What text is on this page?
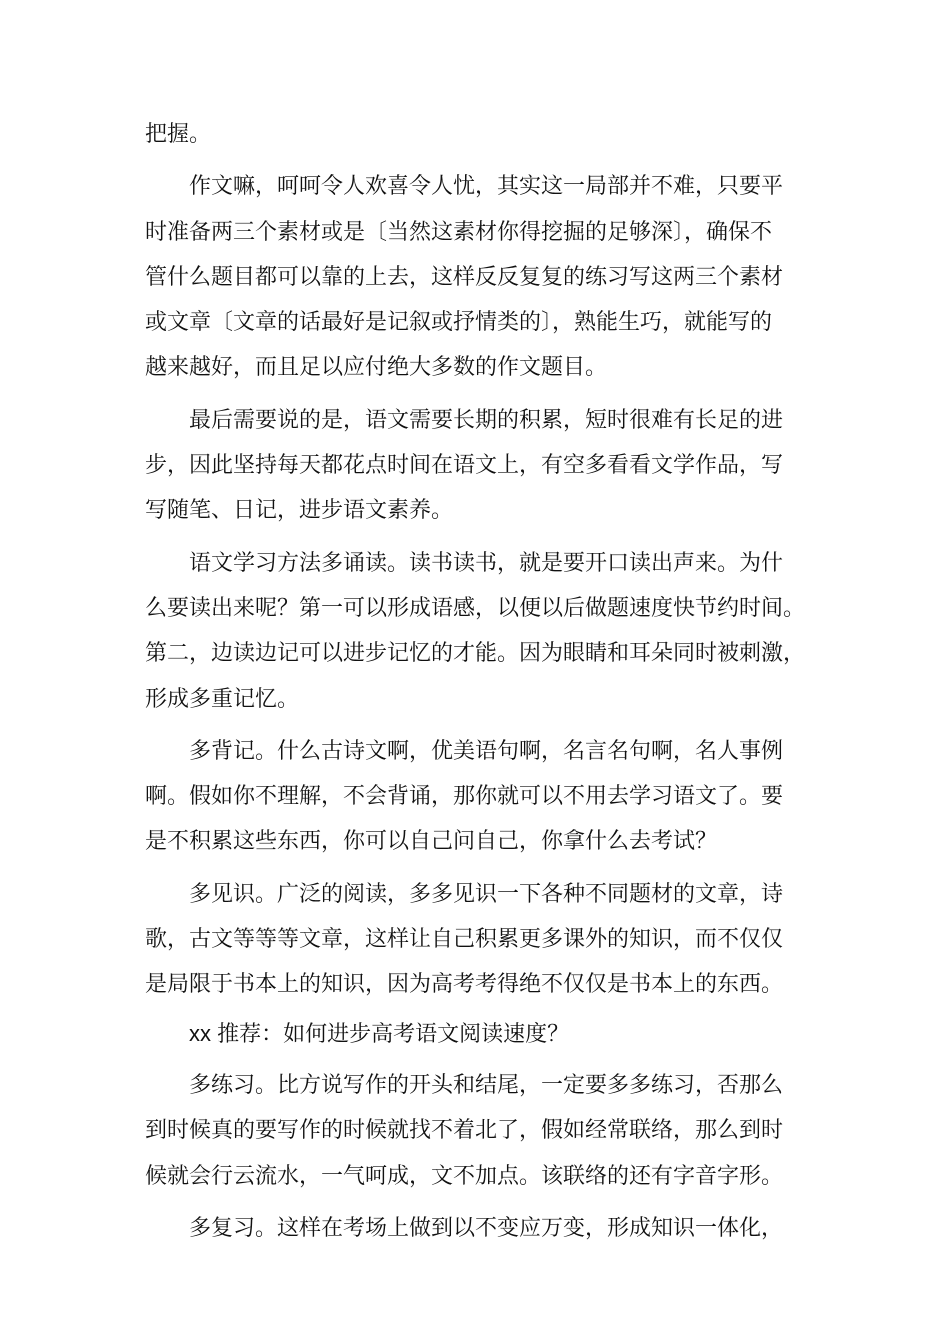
把握。

作文嘛，呵呵令人欢喜令人忧，其实这一局部并不难，只要平
时准备两三个素材或是〔当然这素材你得挖掘的足够深〕，确保不
管什么题目都可以靠的上去，这样反反复复的练习写这两三个素材
或文章〔文章的话最好是记叙或抒情类的〕，熟能生巧，就能写的
越来越好，而且足以应付绝大多数的作文题目。

最后需要说的是，语文需要长期的积累，短时很难有长足的进
步，因此坚持每天都花点时间在语文上，有空多看看文学作品，写
写随笔、日记，进步语文素养。

语文学习方法多诵读。读书读书，就是要开口读出声来。为什
么要读出来呢？第一可以形成语感，以便以后做题速度快节约时间。
第二，边读边记可以进步记忆的才能。因为眼睛和耳朵同时被刺激，
形成多重记忆。

多背记。什么古诗文啊，优美语句啊，名言名句啊，名人事例
啊。假如你不理解，不会背诵，那你就可以不用去学习语文了。要
是不积累这些东西，你可以自己问自己，你拿什么去考试？

多见识。广泛的阅读，多多见识一下各种不同题材的文章，诗
歌，古文等等等文章，这样让自己积累更多课外的知识，而不仅仅
是局限于书本上的知识，因为高考考得绝不仅仅是书本上的东西。

xx 推荐：如何进步高考语文阅读速度？

多练习。比方说写作的开头和结尾，一定要多多练习，否那么
到时候真的要写作的时候就找不着北了，假如经常联络，那么到时
候就会行云流水，一气呵成，文不加点。该联络的还有字音字形。

多复习。这样在考场上做到以不变应万变，形成知识一体化，
